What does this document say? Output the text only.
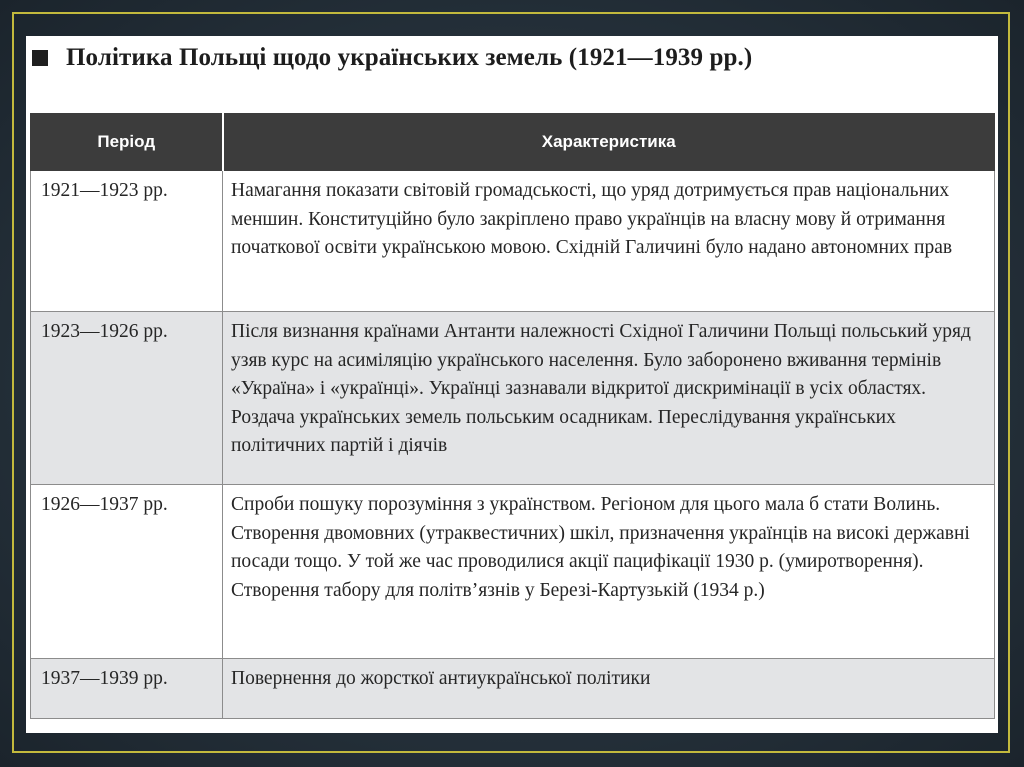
Політика Польщі щодо українських земель (1921—1939 рр.)
Період	Характеристика
1921—1923 рр.	Намагання показати світовій громадськості, що уряд дотримується прав національних меншин. Конституційно було закріплено право українців на власну мову й отримання початкової освіти українською мовою. Східній Галичині було надано автономних прав
1923—1926 рр.	Після визнання країнами Антанти належності Східної Галичини Польщі польський уряд узяв курс на асиміляцію українського населення. Було заборонено вживання термінів «Україна» і «українці». Українці зазнавали відкритої дискримінації в усіх областях. Роздача українських земель польським осадникам. Переслідування українських політичних партій і діячів
1926—1937 рр.	Спроби пошуку порозуміння з українством. Регіоном для цього мала б стати Волинь. Створення двомовних (утраквестичних) шкіл, призначення українців на високі державні посади тощо. У той же час проводилися акції пацифікації 1930 р. (умиротворення). Створення табору для політв’язнів у Березі-Картузькій (1934 р.)
1937—1939 рр.	Повернення до жорсткої антиукраїнської політики
